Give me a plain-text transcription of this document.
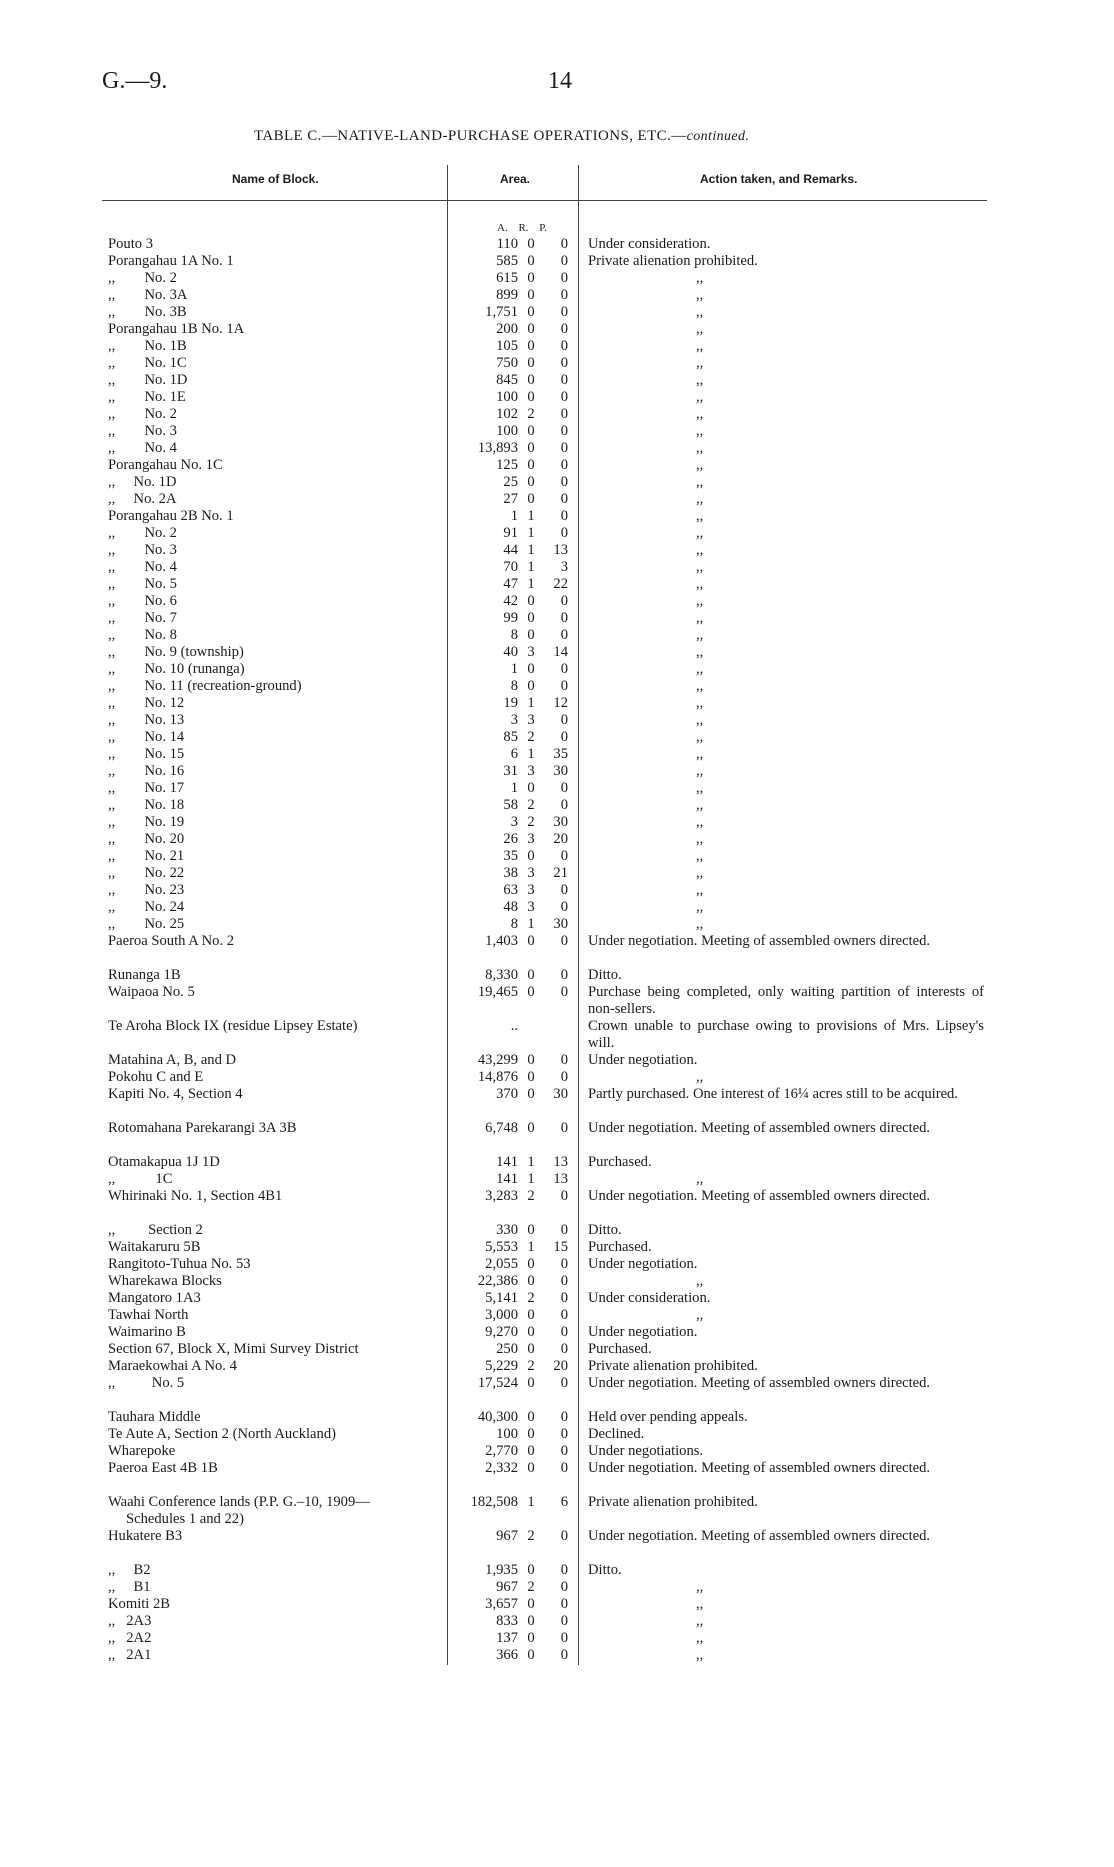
G.—9.	14
TABLE C.—NATIVE-LAND-PURCHASE OPERATIONS, ETC.—continued.
Name of Block.	Area.	Action taken, and Remarks.
A. R. P.
Pouto 3	110 0	0 Under consideration.
Porangahau 1A No. 1	585 0	0 Private alienation prohibited.
,,        No. 2	615 0	0	,,
,,        No. 3A	899 0	0	,,
,,        No. 3B	1,751 0	0	,,
Porangahau 1B No. 1A	200 0	0	,,
,,        No. 1B	105 0	0	,,
,,        No. 1C	750 0	0	,,
,,        No. 1D	845 0	0	,,
,,        No. 1E	100 0	0	,,
,,        No. 2	102 2	0	,,
,,        No. 3	100 0	0	,,
,,        No. 4	13,893 0	0	,,
Porangahau No. 1C	125 0	0	,,
,,     No. 1D	25 0	0	,,
,,     No. 2A	27 0	0	,,
Porangahau 2B No. 1	1 1	0	,,
,,        No. 2	91 1	0	,,
,,        No. 3	44 1	13	,,
,,        No. 4	70 1	3	,,
,,        No. 5	47 1	22	,,
,,        No. 6	42 0	0	,,
,,        No. 7	99 0	0	,,
,,        No. 8	8 0	0	,,
,,        No. 9 (township)	40 3	14	,,
,,        No. 10 (runanga)	1 0	0	,,
,,        No. 11 (recreation-ground)	8 0	0	,,
,,        No. 12	19 1	12	,,
,,        No. 13	3 3	0	,,
,,        No. 14	85 2	0	,,
,,        No. 15	6 1	35	,,
,,        No. 16	31 3	30	,,
,,        No. 17	1 0	0	,,
,,        No. 18	58 2	0	,,
,,        No. 19	3 2	30	,,
,,        No. 20	26 3	20	,,
,,        No. 21	35 0	0	,,
,,        No. 22	38 3	21	,,
,,        No. 23	63 3	0	,,
,,        No. 24	48 3	0	,,
,,        No. 25	8 1	30	,,
Paeroa South A No. 2	1,403 0	0 Under negotiation. Meeting of assembled owners directed.
Runanga 1B	8,330 0	0 Ditto.
Waipaoa No. 5	19,465 0	0 Purchase being completed, only waiting partition of interests of non-sellers.
Te Aroha Block IX (residue Lipsey Estate)	..	Crown unable to purchase owing to provisions of Mrs. Lipsey's will.
Matahina A, B, and D	43,299 0	0 Under negotiation.
Pokohu C and E	14,876 0	0	,,
Kapiti No. 4, Section 4	370 0	30 Partly purchased. One interest of 16¼ acres still to be acquired.
Rotomahana Parekarangi 3A 3B	6,748 0	0 Under negotiation. Meeting of assembled owners directed.
Otamakapua 1J 1D	141 1	13 Purchased.
,,           1C	141 1	13	,,
Whirinaki No. 1, Section 4B1	3,283 2	0 Under negotiation. Meeting of assembled owners directed.
,,         Section 2	330 0	0 Ditto.
Waitakaruru 5B	5,553 1	15 Purchased.
Rangitoto-Tuhua No. 53	2,055 0	0 Under negotiation.
Wharekawa Blocks	22,386 0	0	,,
Mangatoro 1A3	5,141 2	0 Under consideration.
Tawhai North	3,000 0	0	,,
Waimarino B	9,270 0	0 Under negotiation.
Section 67, Block X, Mimi Survey District	250 0	0 Purchased.
Maraekowhai A No. 4	5,229 2	20 Private alienation prohibited.
,,          No. 5	17,524 0	0 Under negotiation. Meeting of assembled owners directed.
Tauhara Middle	40,300 0	0 Held over pending appeals.
Te Aute A, Section 2 (North Auckland)	100 0	0 Declined.
Wharepoke	2,770 0	0 Under negotiations.
Paeroa East 4B 1B	2,332 0	0 Under negotiation. Meeting of assembled owners directed.
Waahi Conference lands (P.P. G.–10, 1909—	182,508 1	6
Schedules 1 and 22)
Private alienation prohibited.
Hukatere B3	967 2	0 Under negotiation. Meeting of assembled owners directed.
,,     B2	1,935 0	0 Ditto.
,,     B1	967 2	0	,,
Komiti 2B	3,657 0	0	,,
,,   2A3	833 0	0	,,
,,   2A2	137 0	0	,,
,,   2A1	366 0	0	,,
